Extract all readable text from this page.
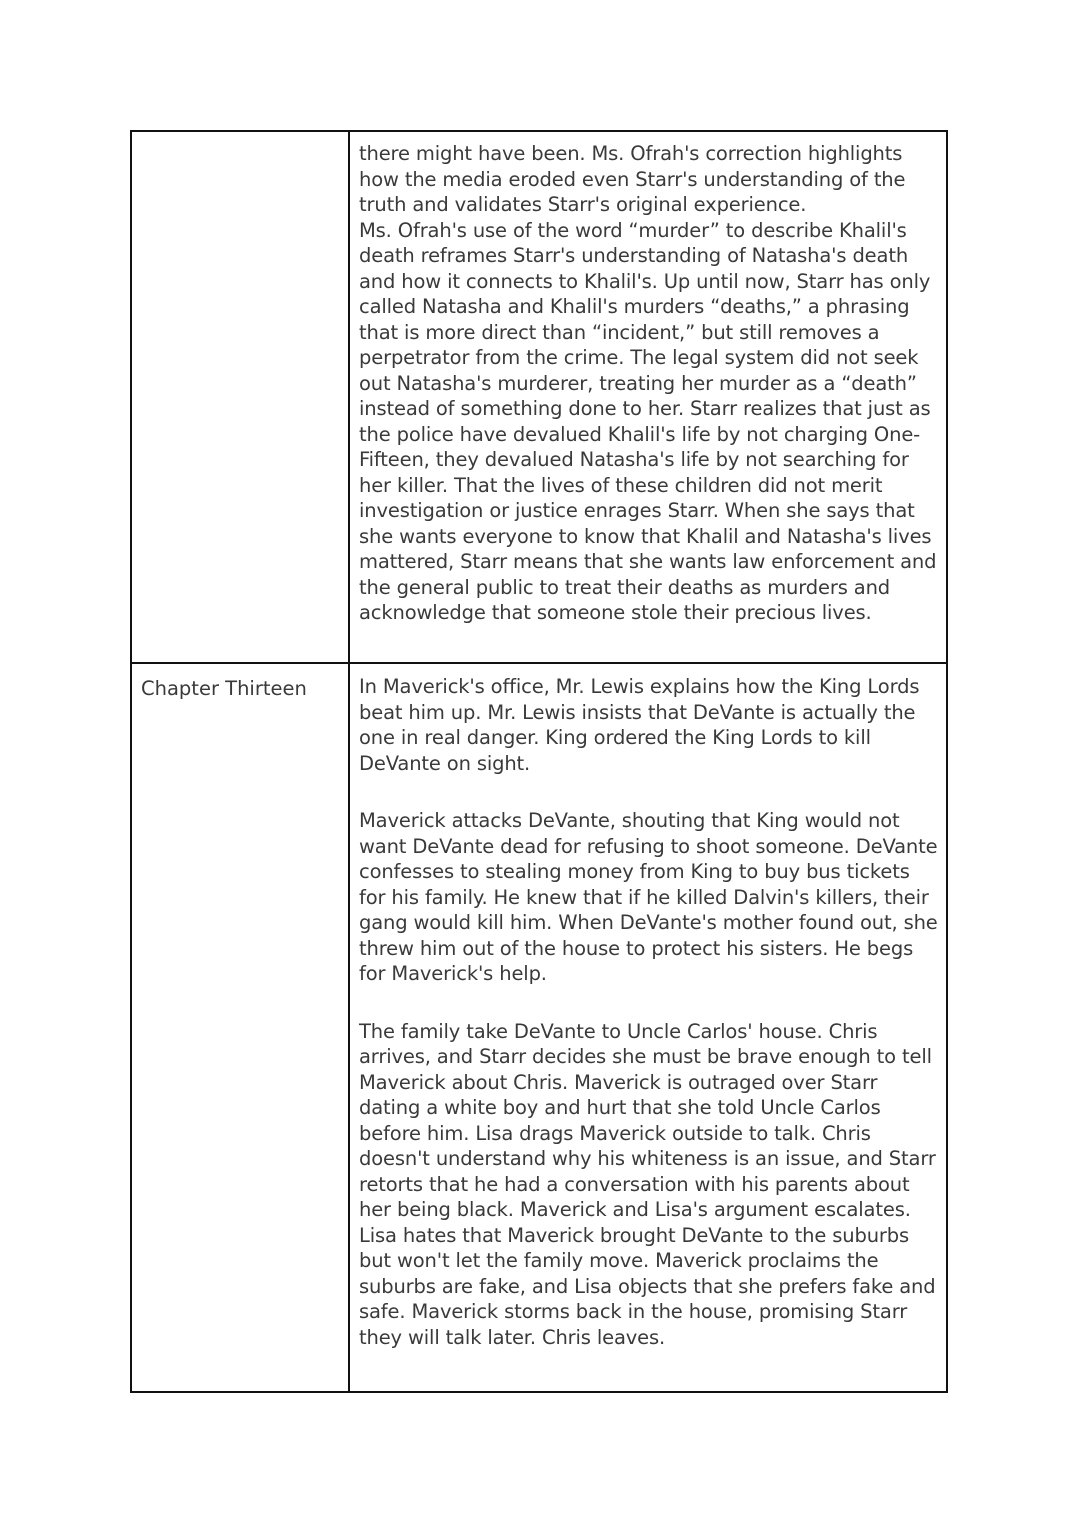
there might have been. Ms. Ofrah's correction highlights how the media eroded even Starr's understanding of the truth and validates Starr's original experience.

Ms. Ofrah's use of the word “murder” to describe Khalil's death reframes Starr's understanding of Natasha's death and how it connects to Khalil's. Up until now, Starr has only called Natasha and Khalil's murders “deaths,” a phrasing that is more direct than “incident,” but still removes a perpetrator from the crime. The legal system did not seek out Natasha's murderer, treating her murder as a “death” instead of something done to her. Starr realizes that just as the police have devalued Khalil's life by not charging One-Fifteen, they devalued Natasha's life by not searching for her killer. That the lives of these children did not merit investigation or justice enrages Starr. When she says that she wants everyone to know that Khalil and Natasha's lives mattered, Starr means that she wants law enforcement and the general public to treat their deaths as murders and acknowledge that someone stole their precious lives.

Chapter Thirteen	In Maverick's office, Mr. Lewis explains how the King Lords beat him up. Mr. Lewis insists that DeVante is actually the one in real danger. King ordered the King Lords to kill DeVante on sight.

Maverick attacks DeVante, shouting that King would not want DeVante dead for refusing to shoot someone. DeVante confesses to stealing money from King to buy bus tickets for his family. He knew that if he killed Dalvin's killers, their gang would kill him. When DeVante's mother found out, she threw him out of the house to protect his sisters. He begs for Maverick's help.

The family take DeVante to Uncle Carlos' house. Chris arrives, and Starr decides she must be brave enough to tell Maverick about Chris. Maverick is outraged over Starr dating a white boy and hurt that she told Uncle Carlos before him. Lisa drags Maverick outside to talk. Chris doesn't understand why his whiteness is an issue, and Starr retorts that he had a conversation with his parents about her being black. Maverick and Lisa's argument escalates. Lisa hates that Maverick brought DeVante to the suburbs but won't let the family move. Maverick proclaims the suburbs are fake, and Lisa objects that she prefers fake and safe. Maverick storms back in the house, promising Starr they will talk later. Chris leaves.
